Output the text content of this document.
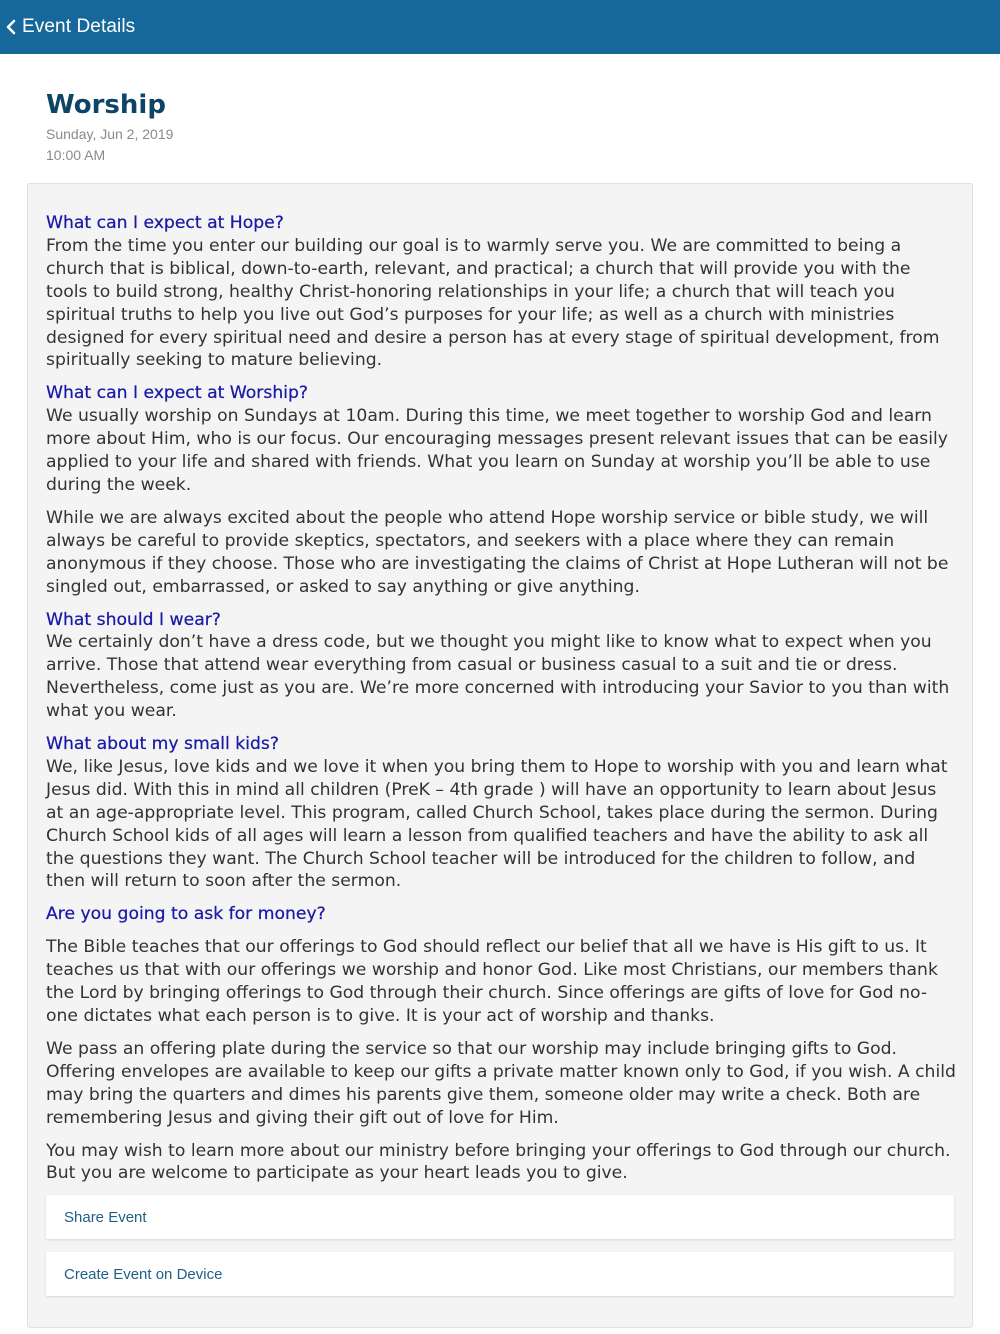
Event Details
Worship
Sunday, Jun 2, 2019
10:00 AM
What can I expect at Hope?
From the time you enter our building our goal is to warmly serve you. We are committed to being a church that is biblical, down-to-earth, relevant, and practical; a church that will provide you with the tools to build strong, healthy Christ-honoring relationships in your life; a church that will teach you spiritual truths to help you live out God’s purposes for your life; as well as a church with ministries designed for every spiritual need and desire a person has at every stage of spiritual development, from spiritually seeking to mature believing.
What can I expect at Worship?
We usually worship on Sundays at 10am. During this time, we meet together to worship God and learn more about Him, who is our focus. Our encouraging messages present relevant issues that can be easily applied to your life and shared with friends. What you learn on Sunday at worship you’ll be able to use during the week.
While we are always excited about the people who attend Hope worship service or bible study, we will always be careful to provide skeptics, spectators, and seekers with a place where they can remain anonymous if they choose. Those who are investigating the claims of Christ at Hope Lutheran will not be singled out, embarrassed, or asked to say anything or give anything.
What should I wear?
We certainly don’t have a dress code, but we thought you might like to know what to expect when you arrive. Those that attend wear everything from casual or business casual to a suit and tie or dress. Nevertheless, come just as you are. We’re more concerned with introducing your Savior to you than with what you wear.
What about my small kids?
We, like Jesus, love kids and we love it when you bring them to Hope to worship with you and learn what Jesus did. With this in mind all children (PreK – 4th grade ) will have an opportunity to learn about Jesus at an age-appropriate level. This program, called Church School, takes place during the sermon. During Church School kids of all ages will learn a lesson from qualified teachers and have the ability to ask all the questions they want. The Church School teacher will be introduced for the children to follow, and then will return to soon after the sermon.
Are you going to ask for money?
The Bible teaches that our offerings to God should reflect our belief that all we have is His gift to us. It teaches us that with our offerings we worship and honor God. Like most Christians, our members thank the Lord by bringing offerings to God through their church. Since offerings are gifts of love for God no-one dictates what each person is to give. It is your act of worship and thanks.
We pass an offering plate during the service so that our worship may include bringing gifts to God. Offering envelopes are available to keep our gifts a private matter known only to God, if you wish. A child may bring the quarters and dimes his parents give them, someone older may write a check. Both are remembering Jesus and giving their gift out of love for Him.
You may wish to learn more about our ministry before bringing your offerings to God through our church. But you are welcome to participate as your heart leads you to give.
Share Event
Create Event on Device
